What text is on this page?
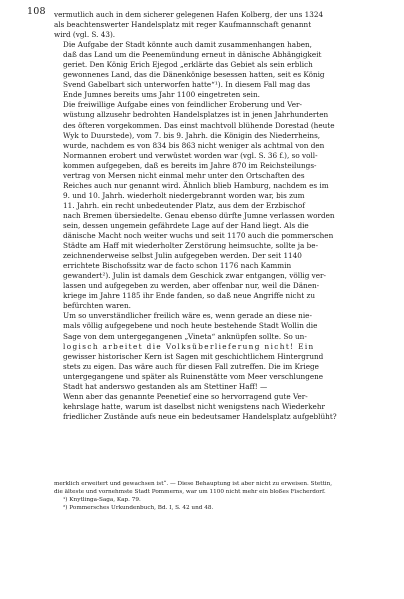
108 vermutlich auch in dem sicherer gelegenen Hafen Kolberg, der uns 1324
als beachtenswerter Handelsplatz mit reger Kaufmannschaft genannt
wird (vgl. S. 43).

Die Aufgabe der Stadt könnte auch damit zusammenhangen haben,
daß das Land um die Peenemündung erneut in dänische Abhängigkeit
geriet. Den König Erich Ejegod „erklärte das Gebiet als sein erblich
gewonnenes Land, das die Dänenkönige besessen hatten, seit es König
Svend Gabelbart sich unterworfen hatte“¹). In diesem Fall mag das
Ende Jumnes bereits ums Jahr 1100 eingetreten sein.

Die freiwillige Aufgabe eines von feindlicher Eroberung und Ver-
wüstung allzusehr bedrohten Handelsplatzes ist in jenen Jahrhunderten
des öfteren vorgekommen. Das einst machtvoll blühende Dorestad (heute
Wyk to Duurstede), vom 7. bis 9. Jahrh. die Königin des Niederrheins,
wurde, nachdem es von 834 bis 863 nicht weniger als achtmal von den
Normannen erobert und verwüstet worden war (vgl. S. 36 f.), so voll-
kommen aufgegeben, daß es bereits im Jahre 870 im Reichsteilungs-
vertrag von Mersen nicht einmal mehr unter den Ortschaften des
Reiches auch nur genannt wird. Ähnlich blieb Hamburg, nachdem es im
9. und 10. Jahrh. wiederholt niedergebrannt worden war, bis zum
11. Jahrh. ein recht unbedeutender Platz, aus dem der Erzbischof
nach Bremen übersiedelte. Genau ebenso dürfte Jumne verlassen worden
sein, dessen ungemein gefährdete Lage auf der Hand liegt. Als die
dänische Macht noch weiter wuchs und seit 1170 auch die pommerschen
Städte am Haff mit wiederholter Zerstörung heimsuchte, sollte ja be-
zeichnenderweise selbst Julin aufgegeben werden. Der seit 1140
errichtete Bischofssitz war de facto schon 1176 nach Kammin
gewandert²). Julin ist damals dem Geschick zwar entgangen, völlig ver-
lassen und aufgegeben zu werden, aber offenbar nur, weil die Dänen-
kriege im Jahre 1185 ihr Ende fanden, so daß neue Angriffe nicht zu
befürchten waren.

Um so unverständlicher freilich wäre es, wenn gerade an diese nie-
mals völlig aufgegebene und noch heute bestehende Stadt Wollin die
Sage von dem untergegangenen „Vineta“ anknüpfen sollte. So un-
logisch arbeitet die Volksüberlieferung nicht! Ein
gewisser historischer Kern ist Sagen mit geschichtlichem Hintergrund
stets zu eigen. Das wäre auch für diesen Fall zutreffen. Die im Kriege
untergegangene und später als Ruinenstätte vom Meer verschlungene
Stadt hat anderswo gestanden als am Stettiner Haff! —

Wenn aber das genannte Peenetief eine so hervorragend gute Ver-
kehrslage hatte, warum ist daselbst nicht wenigstens nach Wiederkehr
friedlicher Zustände aufs neue ein bedeutsamer Handelsplatz aufgeblüht?

merklich erweitert und gewachsen ist“. — Diese Behauptung ist aber nicht zu erweisen. Stettin,
die älteste und vornehmste Stadt Pommerns, war um 1100 nicht mehr ein bloßes Fischerdorf.
¹) Knytlinga-Saga, Kap. 79.
²) Pommersches Urkundenbuch, Bd. I, S. 42 und 48.
